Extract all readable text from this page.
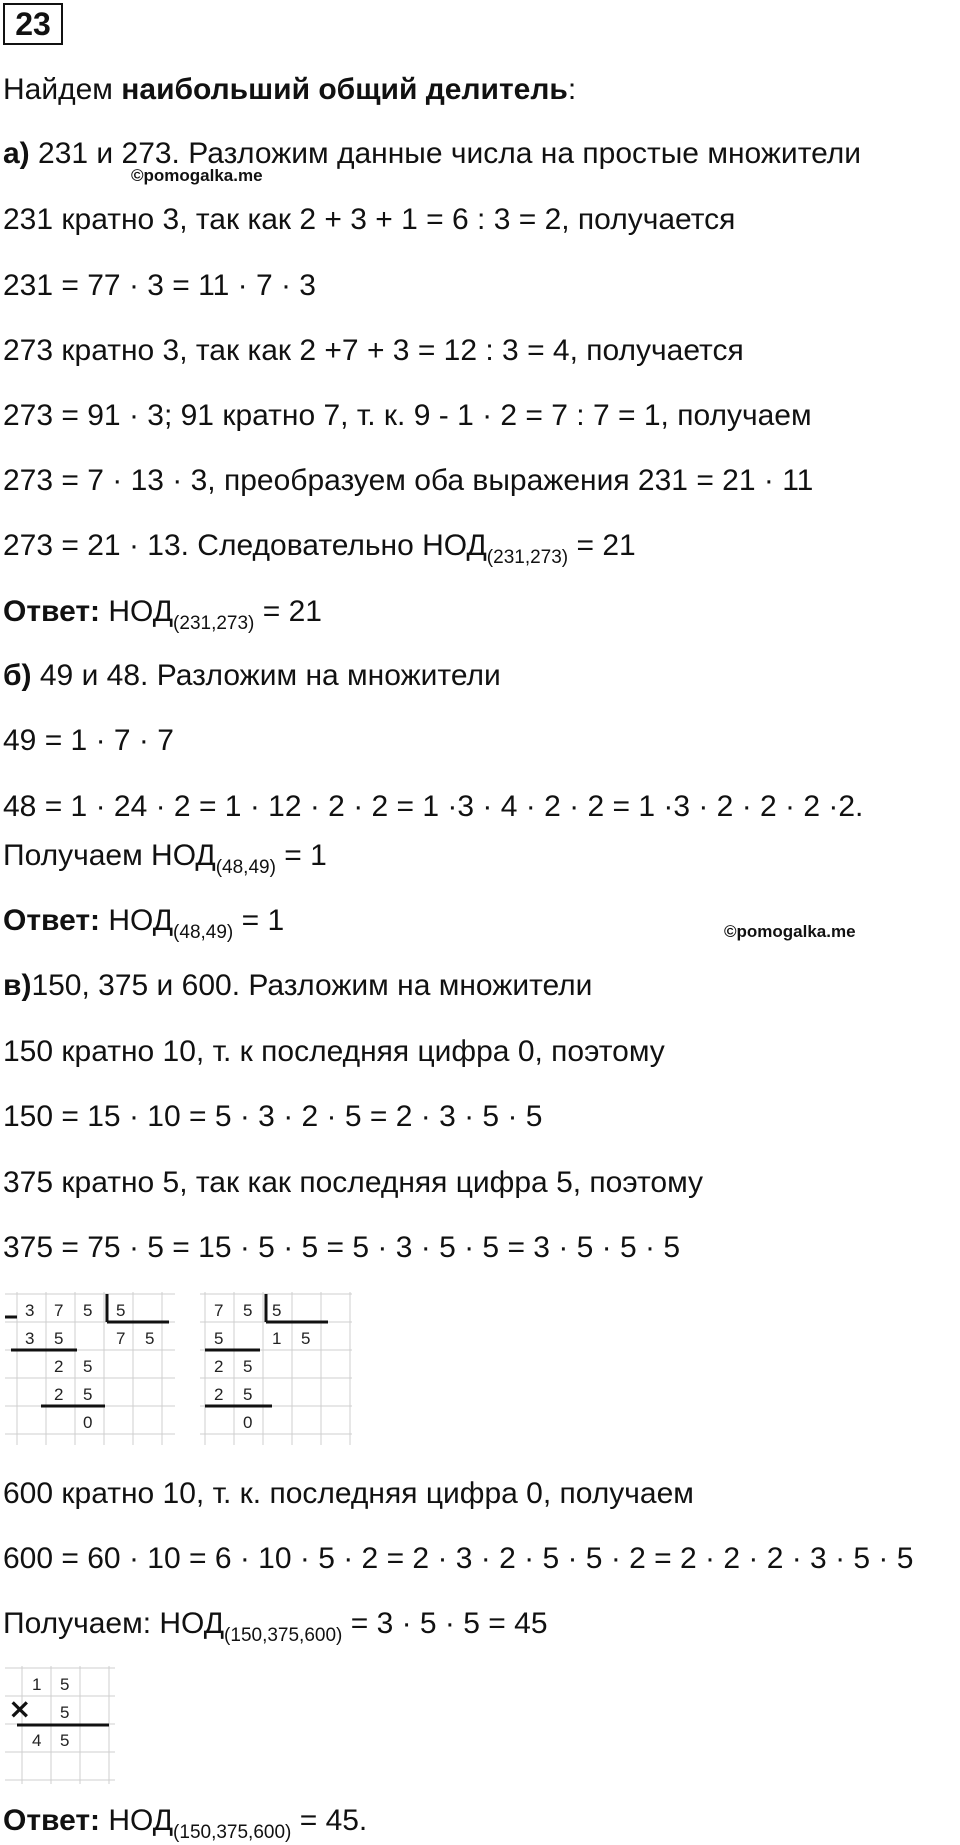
23
Найдем наибольший общий делитель:
а) 231 и 273. Разложим данные числа на простые множители
©pomogalka.me
231 кратно 3, так как 2 + 3 + 1 = 6 : 3 = 2, получается
231 = 77 · 3 = 11 · 7 · 3
273 кратно 3, так как 2 +7 + 3 = 12 : 3 = 4, получается
273 = 91 · 3; 91 кратно 7, т. к. 9 - 1 · 2 = 7 : 7 = 1, получаем
273 = 7 · 13 · 3, преобразуем оба выражения 231 = 21 · 11
273 = 21 · 13. Следовательно $НОД_{(231,273)} = 21$
Ответ: $НОД_{(231,273)} = 21$
б) 49 и 48. Разложим на множители
49 = 1 · 7 · 7
48 = 1 · 24 · 2 = 1 · 12 · 2 · 2 = 1 ·3 · 4 · 2 · 2 = 1 ·3 · 2 · 2 · 2 ·2.
Получаем $НОД_{(48,49)} = 1$
Ответ: $НОД_{(48,49)} = 1$	©pomogalka.me
в)150, 375 и 600. Разложим на множители
150 кратно 10, т. к последняя цифра 0, поэтому
150 = 15 · 10 = 5 · 3 · 2 · 5 = 2 · 3 · 5 · 5
375 кратно 5, так как последняя цифра 5, поэтому
375 = 75 · 5 = 15 · 5 · 5 = 5 · 3 · 5 · 5 = 3 · 5 · 5 · 5
3 7 5 5
7 5
3 5
2 5
2 5
0
7 5 5
1 5
5
2 5
2 5
0
600 кратно 10, т. к. последняя цифра 0, получаем
600 = 60 · 10 = 6 · 10 · 5 · 2 = 2 · 3 · 2 · 5 · 5 · 2 = 2 · 2 · 2 · 3 · 5 · 5
Получаем: $НОД_{(150,375,600)} = 3 \cdot 5 \cdot 5 = 45$
×
1 5
5
4 5
Ответ: $НОД_{(150,375,600)} = 45$.
